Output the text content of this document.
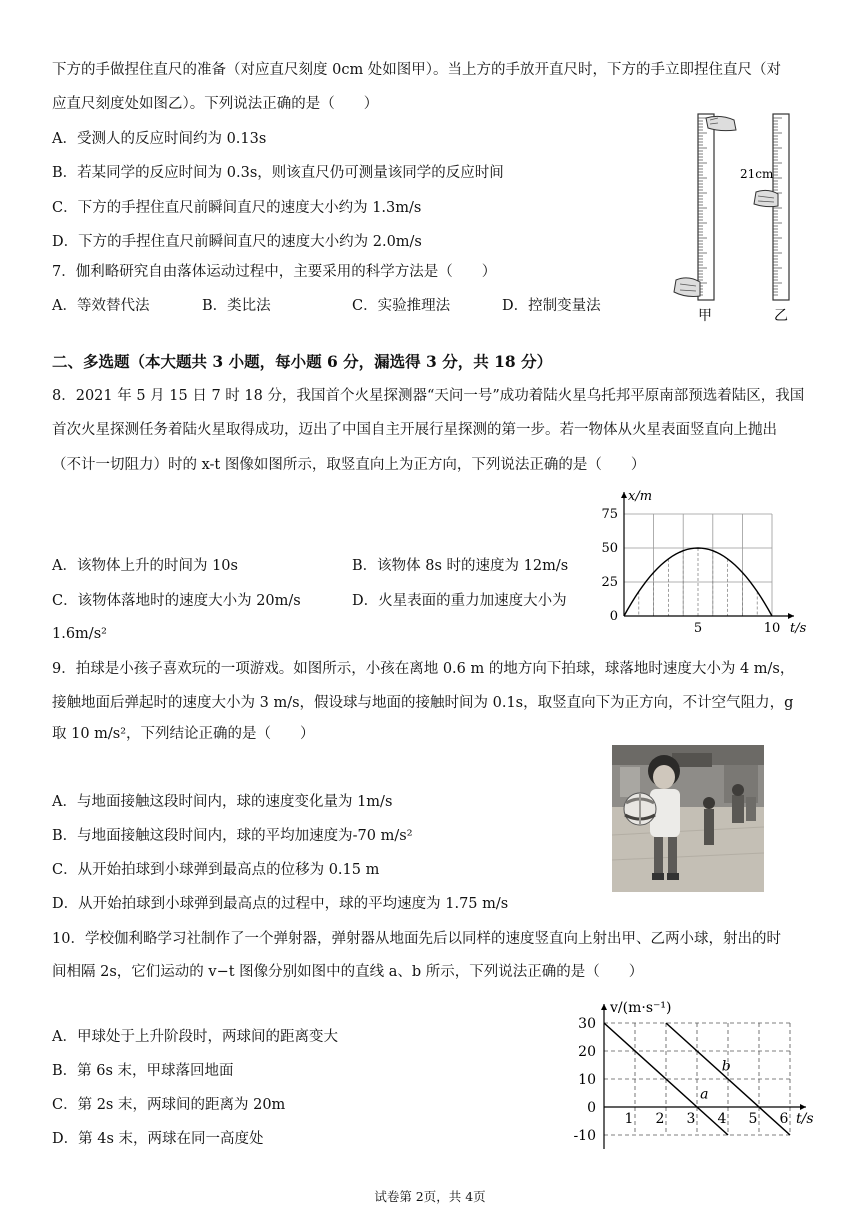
下方的手做捏住直尺的准备（对应直尺刻度 0cm 处如图甲）。当上方的手放开直尺时，下方的手立即捏住直尺（对
应直尺刻度处如图乙）。下列说法正确的是（　　）
A．受测人的反应时间约为 0.13s
B．若某同学的反应时间为 0.3s，则该直尺仍可测量该同学的反应时间
C．下方的手捏住直尺前瞬间直尺的速度大小约为 1.3m/s
D．下方的手捏住直尺前瞬间直尺的速度大小约为 2.0m/s
21cm
甲	乙
7．伽利略研究自由落体运动过程中，主要采用的科学方法是（　　）
A．等效替代法	B．类比法	C．实验推理法	D．控制变量法
二、多选题（本大题共 3 小题，每小题 6 分，漏选得 3 分，共 18 分）
8．2021 年 5 月 15 日 7 时 18 分，我国首个火星探测器“天问一号”成功着陆火星乌托邦平原南部预选着陆区，我国
首次火星探测任务着陆火星取得成功，迈出了中国自主开展行星探测的第一步。若一物体从火星表面竖直向上抛出
（不计一切阻力）时的 x-t 图像如图所示，取竖直向上为正方向，下列说法正确的是（　　）
A．该物体上升的时间为 10s	B．该物体 8s 时的速度为 12m/s
C．该物体落地时的速度大小为 20m/s	D．火星表面的重力加速度大小为
1.6m/s²
0
25
50
75
5	10
x/m
t/s
9．拍球是小孩子喜欢玩的一项游戏。如图所示，小孩在离地 0.6 m 的地方向下拍球，球落地时速度大小为 4 m/s，
接触地面后弹起时的速度大小为 3 m/s，假设球与地面的接触时间为 0.1s，取竖直向下为正方向，不计空气阻力，g
取 10 m/s²，下列结论正确的是（　　）
A．与地面接触这段时间内，球的速度变化量为 1m/s
B．与地面接触这段时间内，球的平均加速度为-70 m/s²
C．从开始拍球到小球弹到最高点的位移为 0.15 m
D．从开始拍球到小球弹到最高点的过程中，球的平均速度为 1.75 m/s
10．学校伽利略学习社制作了一个弹射器，弹射器从地面先后以同样的速度竖直向上射出甲、乙两小球，射出的时
间相隔 2s，它们运动的 v−t 图像分别如图中的直线 a、b 所示，下列说法正确的是（　　）
A．甲球处于上升阶段时，两球间的距离变大
B．第 6s 末，甲球落回地面
C．第 2s 末，两球间的距离为 20m
D．第 4s 末，两球在同一高度处
a
b
30
20
10
0
-10
1 2 3 4 5 6
v/(m·s⁻¹)
t/s
试卷第 2页，共 4页
